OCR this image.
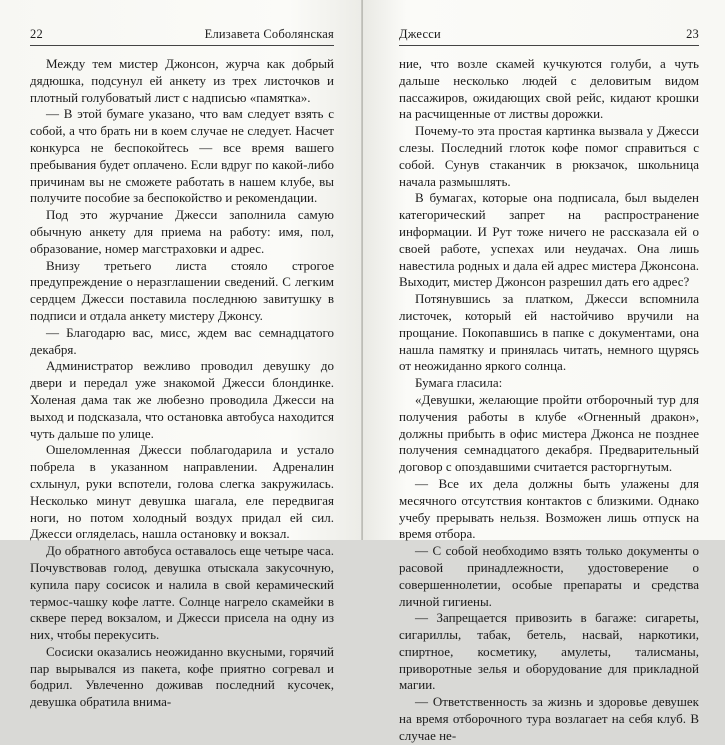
22	Елизавета Соболянская

Между тем мистер Джонсон, журча как добрый дядюшка, подсунул ей анкету из трех листочков и плотный голубоватый лист с надписью «памятка».

— В этой бумаге указано, что вам следует взять с собой, а что брать ни в коем случае не следует. Насчет конкурса не беспокойтесь — все время вашего пребывания будет оплачено. Если вдруг по какой-либо причинам вы не сможете работать в нашем клубе, вы получите пособие за беспокойство и рекомендации.

Под это журчание Джесси заполнила самую обычную анкету для приема на работу: имя, пол, образование, номер магстраховки и адрес.

Внизу третьего листа стояло строгое предупреждение о неразглашении сведений. С легким сердцем Джесси поставила последнюю завитушку в подписи и отдала анкету мистеру Джонсу.

— Благодарю вас, мисс, ждем вас семнадцатого декабря.

Администратор вежливо проводил девушку до двери и передал уже знакомой Джесси блондинке. Холеная дама так же любезно проводила Джесси на выход и подсказала, что остановка автобуса находится чуть дальше по улице.

Ошеломленная Джесси поблагодарила и устало побрела в указанном направлении. Адреналин схлынул, руки вспотели, голова слегка закружилась. Несколько минут девушка шагала, еле передвигая ноги, но потом холодный воздух придал ей сил. Джесси огляделась, нашла остановку и вокзал.

До обратного автобуса оставалось еще четыре часа. Почувствовав голод, девушка отыскала закусочную, купила пару сосисок и налила в свой керамический термос-чашку кофе латте. Солнце нагрело скамейки в сквере перед вокзалом, и Джесси присела на одну из них, чтобы перекусить.

Сосиски оказались неожиданно вкусными, горячий пар вырывался из пакета, кофе приятно согревал и бодрил. Увлеченно доживав последний кусочек, девушка обратила внима-

Джесси	23

ние, что возле скамей кучкуются голуби, а чуть дальше несколько людей с деловитым видом пассажиров, ожидающих свой рейс, кидают крошки на расчищенные от листвы дорожки.

Почему-то эта простая картинка вызвала у Джесси слезы. Последний глоток кофе помог справиться с собой. Сунув стаканчик в рюкзачок, школьница начала размышлять.

В бумагах, которые она подписала, был выделен категорический запрет на распространение информации. И Рут тоже ничего не рассказала ей о своей работе, успехах или неудачах. Она лишь навестила родных и дала ей адрес мистера Джонсона. Выходит, мистер Джонсон разрешил дать его адрес?

Потянувшись за платком, Джесси вспомнила листочек, который ей настойчиво вручили на прощание. Покопавшись в папке с документами, она нашла памятку и принялась читать, немного щурясь от неожиданно яркого солнца.

Бумага гласила:

«Девушки, желающие пройти отборочный тур для получения работы в клубе «Огненный дракон», должны прибыть в офис мистера Джонса не позднее получения семнадцатого декабря. Предварительный договор с опоздавшими считается расторгнутым.

— Все их дела должны быть улажены для месячного отсутствия контактов с близкими. Однако учебу прерывать нельзя. Возможен лишь отпуск на время отбора.

— С собой необходимо взять только документы о расовой принадлежности, удостоверение о совершеннолетии, особые препараты и средства личной гигиены.

— Запрещается привозить в багаже: сигареты, сигариллы, табак, бетель, насвай, наркотики, спиртное, косметику, амулеты, талисманы, приворотные зелья и оборудование для прикладной магии.

— Ответственность за жизнь и здоровье девушек на время отборочного тура возлагает на себя клуб. В случае не-
